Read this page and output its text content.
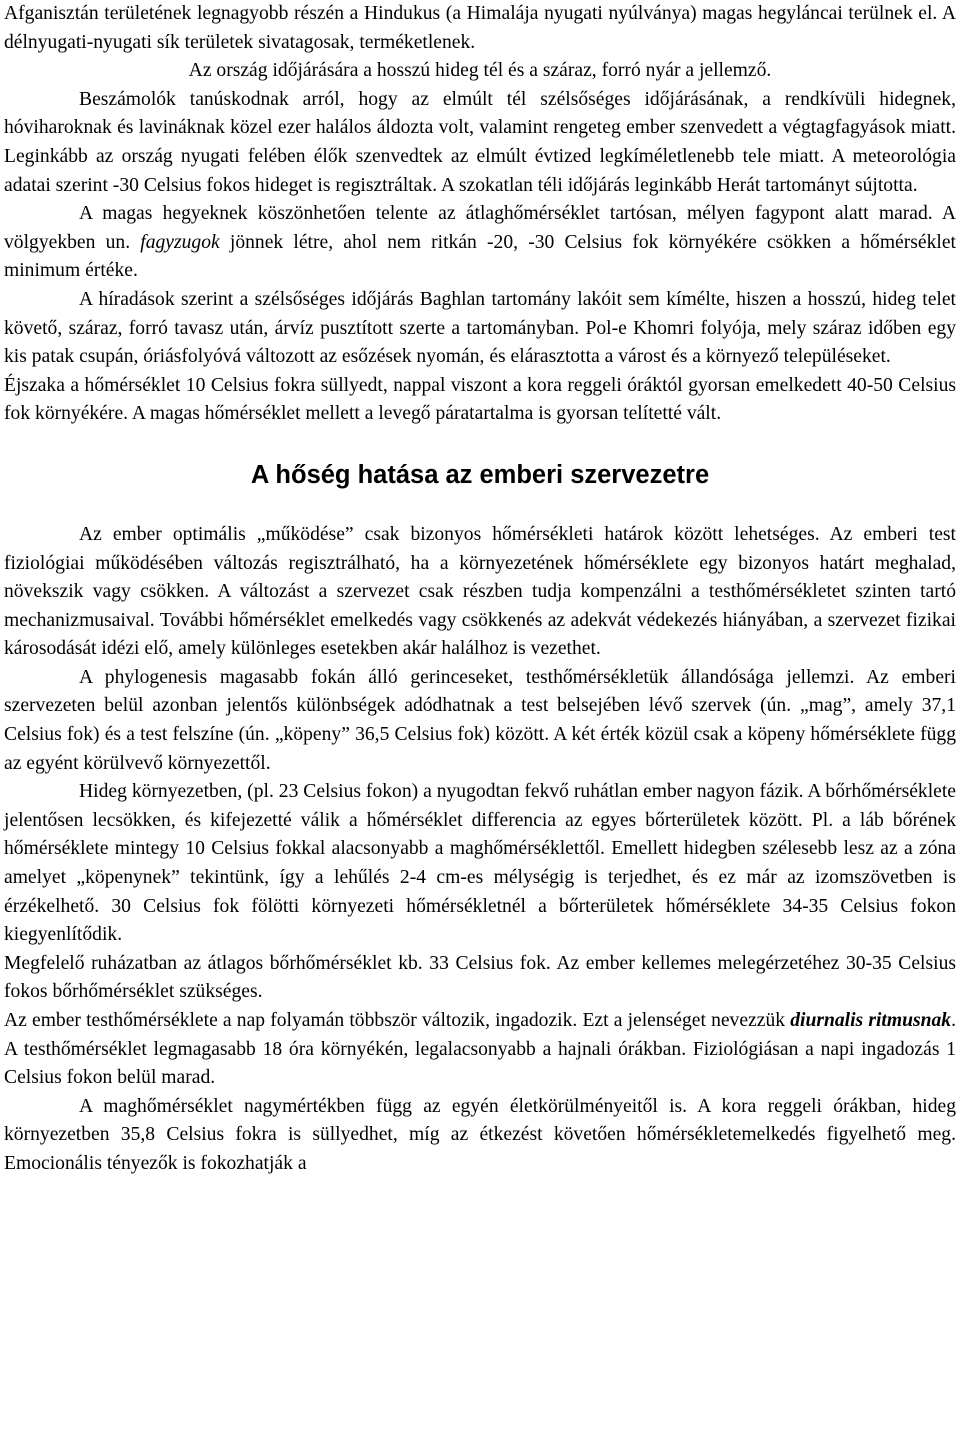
Afganisztán területének legnagyobb részén a Hindukus (a Himalája nyugati nyúlványa) magas hegyláncai terülnek el. A délnyugati-nyugati sík területek sivatagosak, terméketlenek.

Az ország időjárására a hosszú hideg tél és a száraz, forró nyár a jellemző.

Beszámolók tanúskodnak arról, hogy az elmúlt tél szélsőséges időjárásának, a rendkívüli hidegnek, hóviharoknak és lavináknak közel ezer halálos áldozta volt, valamint rengeteg ember szenvedett a végtagfagyások miatt. Leginkább az ország nyugati felében élők szenvedtek az elmúlt évtized legkíméletlenebb tele miatt. A meteorológia adatai szerint -30 Celsius fokos hideget is regisztráltak. A szokatlan téli időjárás leginkább Herát tartományt sújtotta.

A magas hegyeknek köszönhetően telente az átlaghőmérséklet tartósan, mélyen fagypont alatt marad. A völgyekben un. fagyzugok jönnek létre, ahol nem ritkán -20, -30 Celsius fok környékére csökken a hőmérséklet minimum értéke.

A híradások szerint a szélsőséges időjárás Baghlan tartomány lakóit sem kímélte, hiszen a hosszú, hideg telet követő, száraz, forró tavasz után, árvíz pusztított szerte a tartományban. Pol-e Khomri folyója, mely száraz időben egy kis patak csupán, óriásfolyóvá változott az esőzések nyomán, és elárasztotta a várost és a környező településeket.

Éjszaka a hőmérséklet 10 Celsius fokra süllyedt, nappal viszont a kora reggeli óráktól gyorsan emelkedett 40-50 Celsius fok környékére. A magas hőmérséklet mellett a levegő páratartalma is gyorsan telítetté vált.

A hőség hatása az emberi szervezetre

Az ember optimális „működése” csak bizonyos hőmérsékleti határok között lehetséges. Az emberi test fiziológiai működésében változás regisztrálható, ha a környezetének hőmérséklete egy bizonyos határt meghalad, növekszik vagy csökken. A változást a szervezet csak részben tudja kompenzálni a testhőmérsékletet szinten tartó mechanizmusaival. További hőmérséklet emelkedés vagy csökkenés az adekvát védekezés hiányában, a szervezet fizikai károsodását idézi elő, amely különleges esetekben akár halálhoz is vezethet.

A phylogenesis magasabb fokán álló gerinceseket, testhőmérsékletük állandósága jellemzi. Az emberi szervezeten belül azonban jelentős különbségek adódhatnak a test belsejében lévő szervek (ún. „mag”, amely 37,1 Celsius fok) és a test felszíne (ún. „köpeny” 36,5 Celsius fok) között. A két érték közül csak a köpeny hőmérséklete függ az egyént körülvevő környezettől.

Hideg környezetben, (pl. 23 Celsius fokon) a nyugodtan fekvő ruhátlan ember nagyon fázik. A bőrhőmérséklete jelentősen lecsökken, és kifejezetté válik a hőmérséklet differencia az egyes bőrterületek között. Pl. a láb bőrének hőmérséklete mintegy 10 Celsius fokkal alacsonyabb a maghőmérséklettől. Emellett hidegben szélesebb lesz az a zóna amelyet „köpenynek” tekintünk, így a lehűlés 2-4 cm-es mélységig is terjedhet, és ez már az izomszövetben is érzékelhető. 30 Celsius fok fölötti környezeti hőmérsékletnél a bőrterületek hőmérséklete 34-35 Celsius fokon kiegyenlítődik.

Megfelelő ruházatban az átlagos bőrhőmérséklet kb. 33 Celsius fok. Az ember kellemes melegérzetéhez 30-35 Celsius fokos bőrhőmérséklet szükséges.

Az ember testhőmérséklete a nap folyamán többször változik, ingadozik. Ezt a jelenséget nevezzük diurnalis ritmusnak. A testhőmérséklet legmagasabb 18 óra környékén, legalacsonyabb a hajnali órákban. Fiziológiásan a napi ingadozás 1 Celsius fokon belül marad.

A maghőmérséklet nagymértékben függ az egyén életkörülményeitől is. A kora reggeli órákban, hideg környezetben 35,8 Celsius fokra is süllyedhet, míg az étkezést követően hőmérsékletemelkedés figyelhető meg. Emocionális tényezők is fokozhatják a
